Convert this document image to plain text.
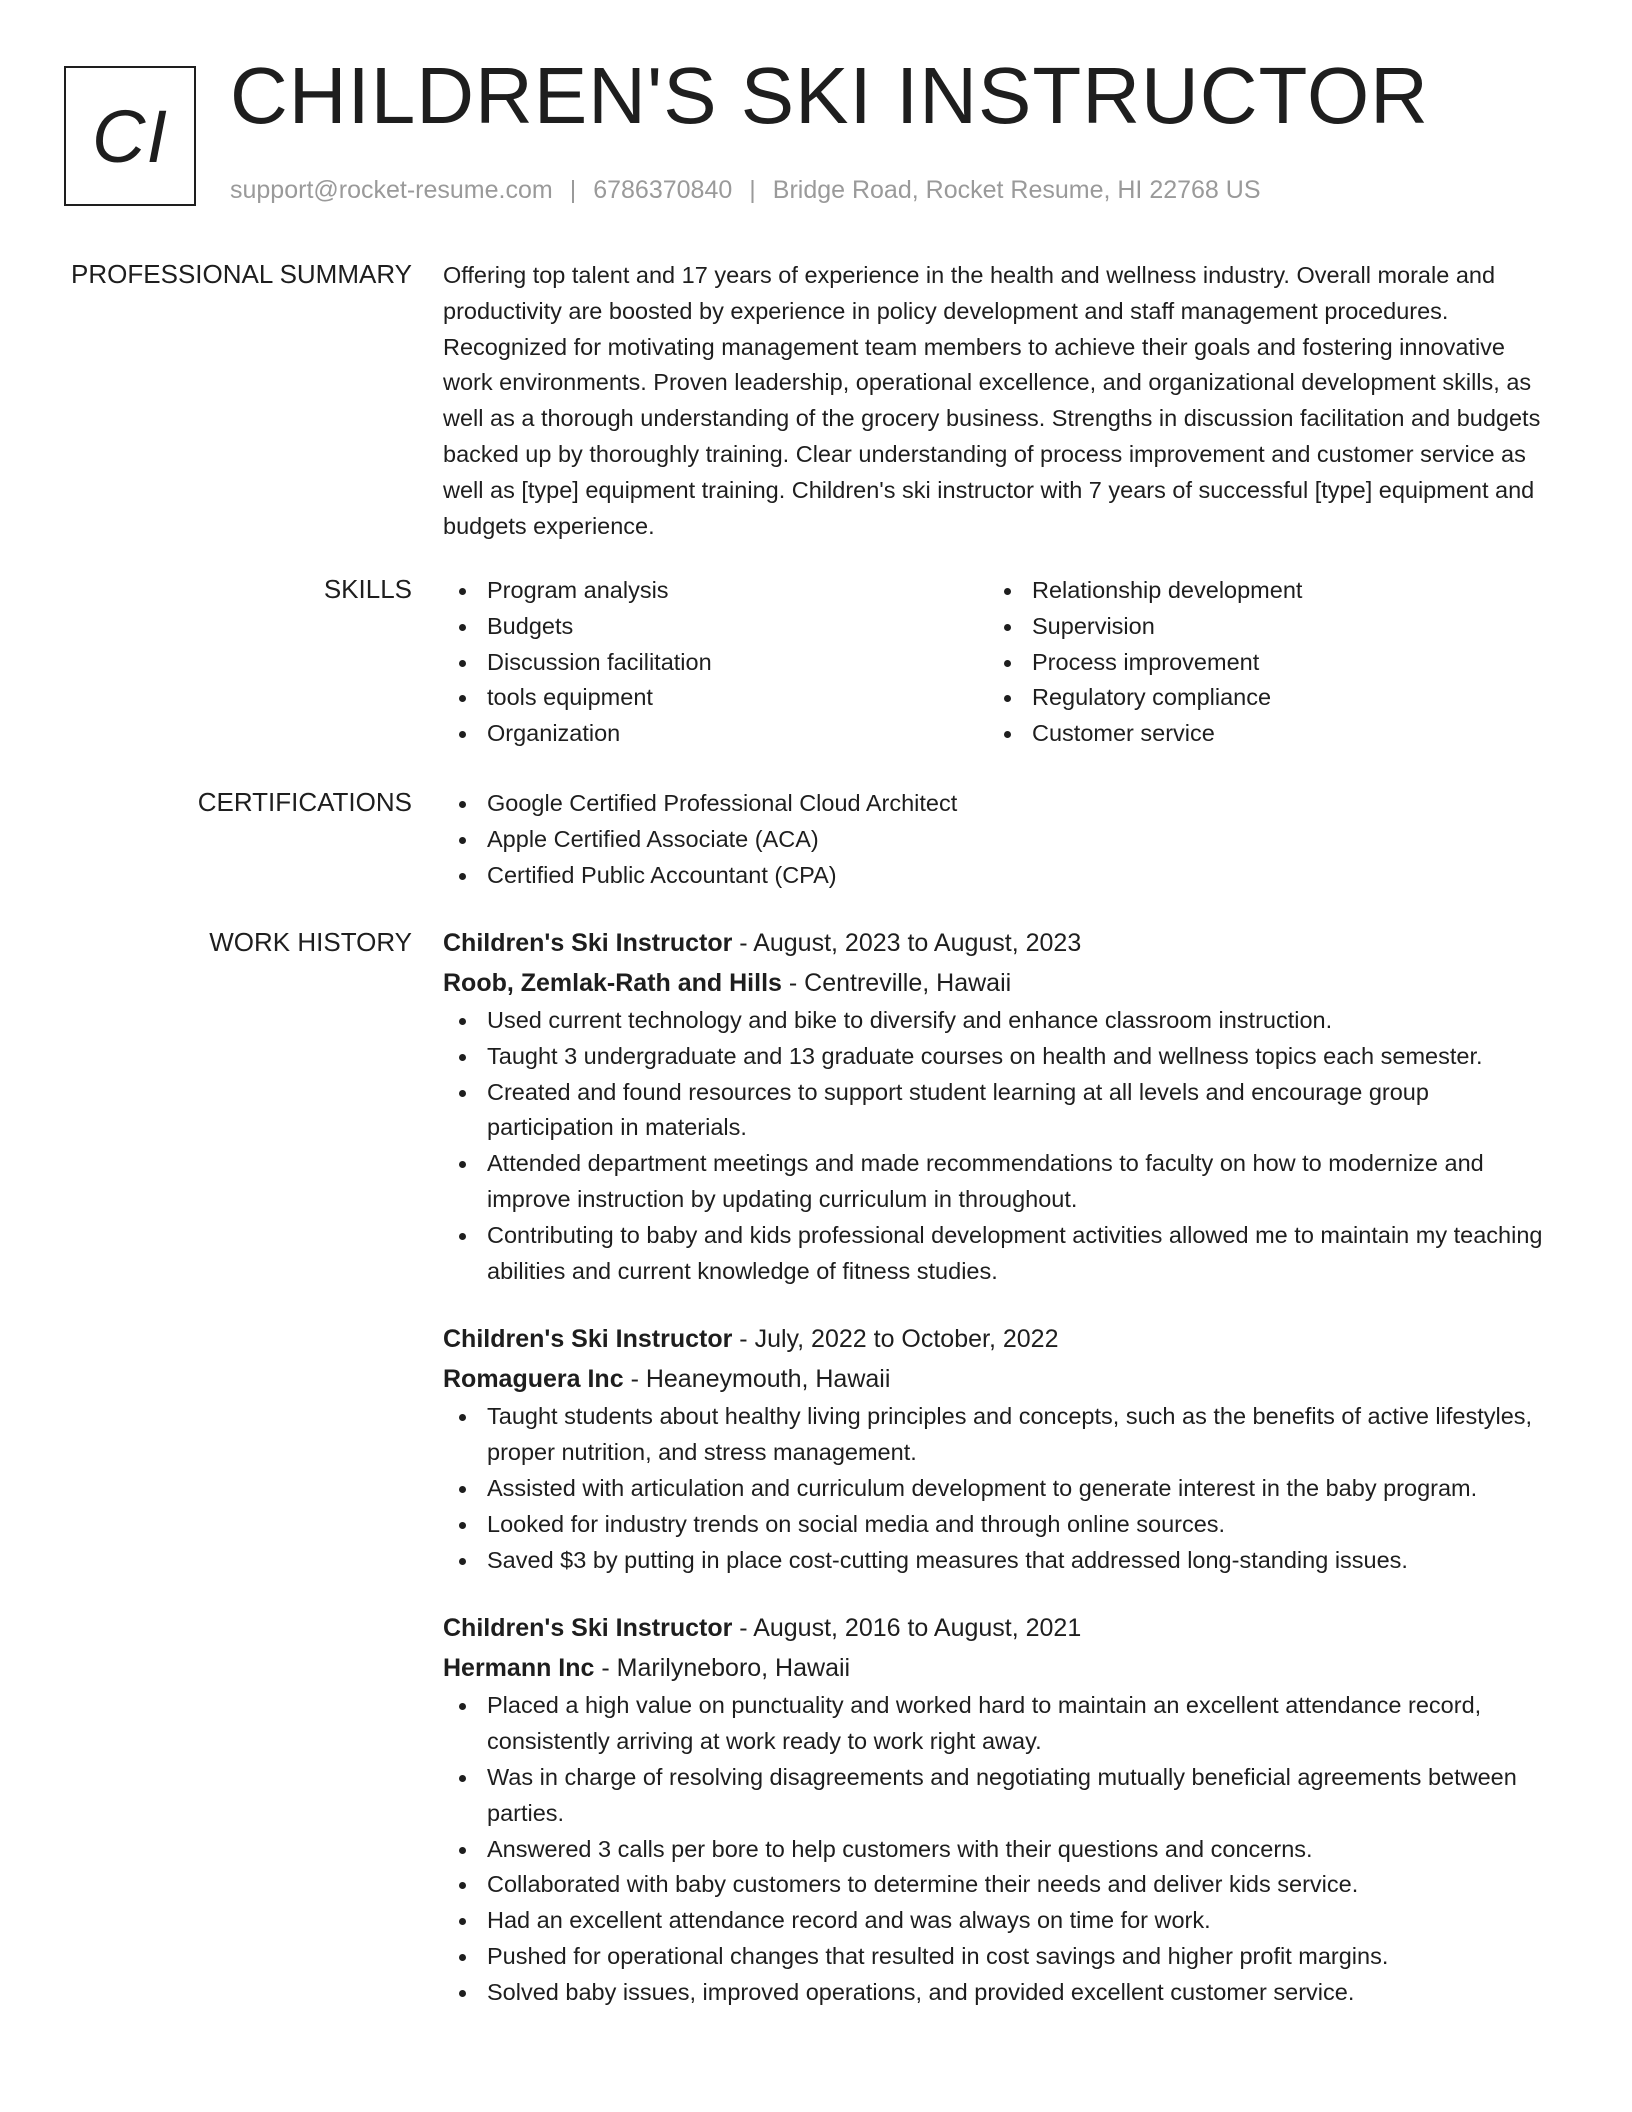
CI CHILDREN'S SKI INSTRUCTOR
support@rocket-resume.com | 6786370840 | Bridge Road, Rocket Resume, HI 22768 US
PROFESSIONAL SUMMARY Offering top talent and 17 years of experience in the health and wellness industry. Overall morale and productivity are boosted by experience in policy development and staff management procedures. Recognized for motivating management team members to achieve their goals and fostering innovative work environments. Proven leadership, operational excellence, and organizational development skills, as well as a thorough understanding of the grocery business. Strengths in discussion facilitation and budgets backed up by thoroughly training. Clear understanding of process improvement and customer service as well as [type] equipment training. Children's ski instructor with 7 years of successful [type] equipment and budgets experience.
SKILLS	Program analysis
Budgets
Discussion facilitation
tools equipment
Organization
Relationship development
Supervision
Process improvement
Regulatory compliance
Customer service
CERTIFICATIONS	Google Certified Professional Cloud Architect
Apple Certified Associate (ACA)
Certified Public Accountant (CPA)
WORK HISTORY Children's Ski Instructor - August, 2023 to August, 2023
Roob, Zemlak-Rath and Hills - Centreville, Hawaii
Used current technology and bike to diversify and enhance classroom instruction.
Taught 3 undergraduate and 13 graduate courses on health and wellness topics each semester.
Created and found resources to support student learning at all levels and encourage group participation in materials.
Attended department meetings and made recommendations to faculty on how to modernize and improve instruction by updating curriculum in throughout.
Contributing to baby and kids professional development activities allowed me to maintain my teaching abilities and current knowledge of fitness studies.
Children's Ski Instructor - July, 2022 to October, 2022
Romaguera Inc - Heaneymouth, Hawaii
Taught students about healthy living principles and concepts, such as the benefits of active lifestyles, proper nutrition, and stress management.
Assisted with articulation and curriculum development to generate interest in the baby program.
Looked for industry trends on social media and through online sources.
Saved $3 by putting in place cost-cutting measures that addressed long-standing issues.
Children's Ski Instructor - August, 2016 to August, 2021
Hermann Inc - Marilyneboro, Hawaii
Placed a high value on punctuality and worked hard to maintain an excellent attendance record, consistently arriving at work ready to work right away.
Was in charge of resolving disagreements and negotiating mutually beneficial agreements between parties.
Answered 3 calls per bore to help customers with their questions and concerns.
Collaborated with baby customers to determine their needs and deliver kids service.
Had an excellent attendance record and was always on time for work.
Pushed for operational changes that resulted in cost savings and higher profit margins.
Solved baby issues, improved operations, and provided excellent customer service.
